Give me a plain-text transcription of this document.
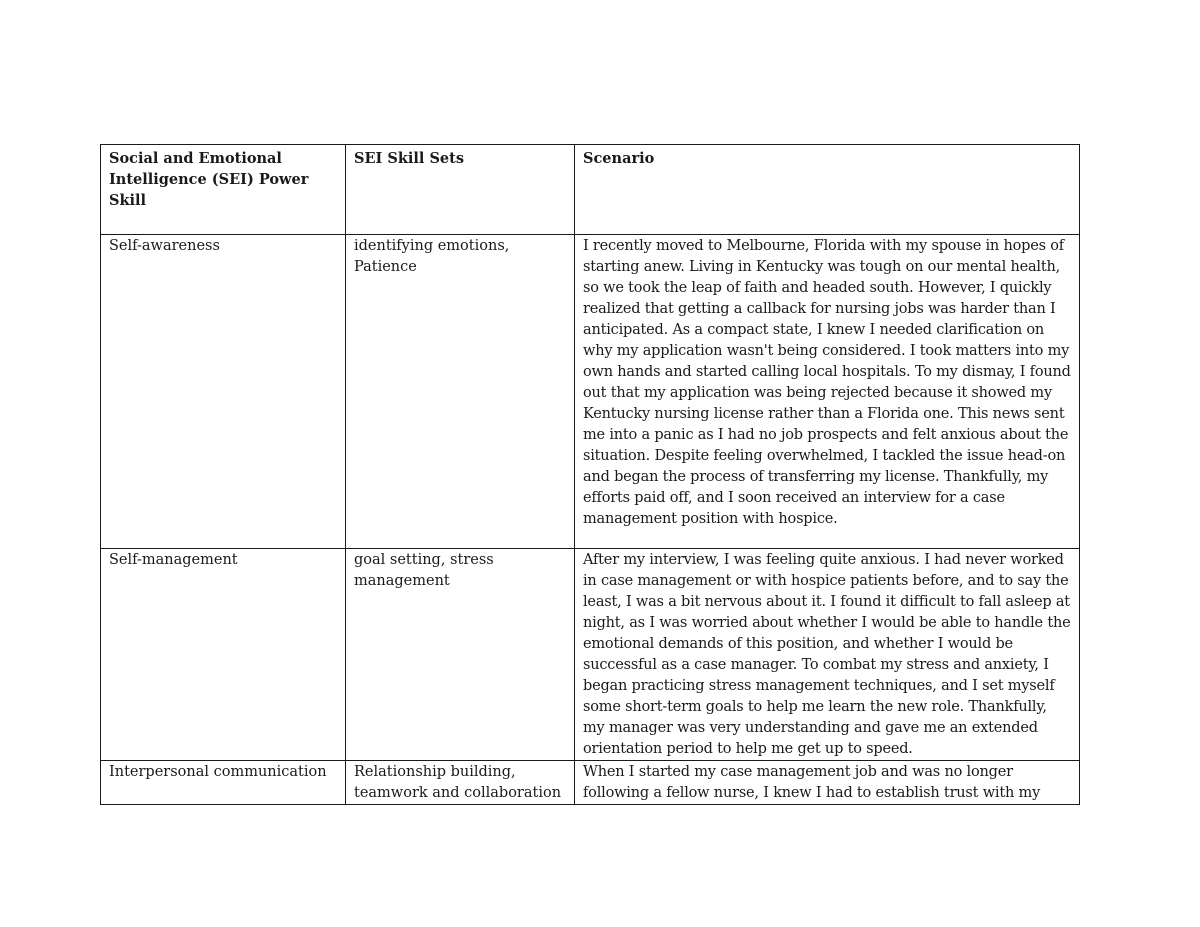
Social and Emotional Intelligence (SEI) Power Skill	SEI Skill Sets	Scenario
Self-awareness	identifying emotions, Patience	I recently moved to Melbourne, Florida with my spouse in hopes of starting anew. Living in Kentucky was tough on our mental health, so we took the leap of faith and headed south. However, I quickly realized that getting a callback for nursing jobs was harder than I anticipated. As a compact state, I knew I needed clarification on why my application wasn't being considered. I took matters into my own hands and started calling local hospitals. To my dismay, I found out that my application was being rejected because it showed my Kentucky nursing license rather than a Florida one. This news sent me into a panic as I had no job prospects and felt anxious about the situation. Despite feeling overwhelmed, I tackled the issue head-on and began the process of transferring my license. Thankfully, my efforts paid off, and I soon received an interview for a case management position with hospice.
Self-management	goal setting, stress management	After my interview, I was feeling quite anxious. I had never worked in case management or with hospice patients before, and to say the least, I was a bit nervous about it. I found it difficult to fall asleep at night, as I was worried about whether I would be able to handle the emotional demands of this position, and whether I would be successful as a case manager. To combat my stress and anxiety, I began practicing stress management techniques, and I set myself some short-term goals to help me learn the new role. Thankfully, my manager was very understanding and gave me an extended orientation period to help me get up to speed.
Interpersonal communication	Relationship building, teamwork and collaboration	When I started my case management job and was no longer following a fellow nurse, I knew I had to establish trust with my
